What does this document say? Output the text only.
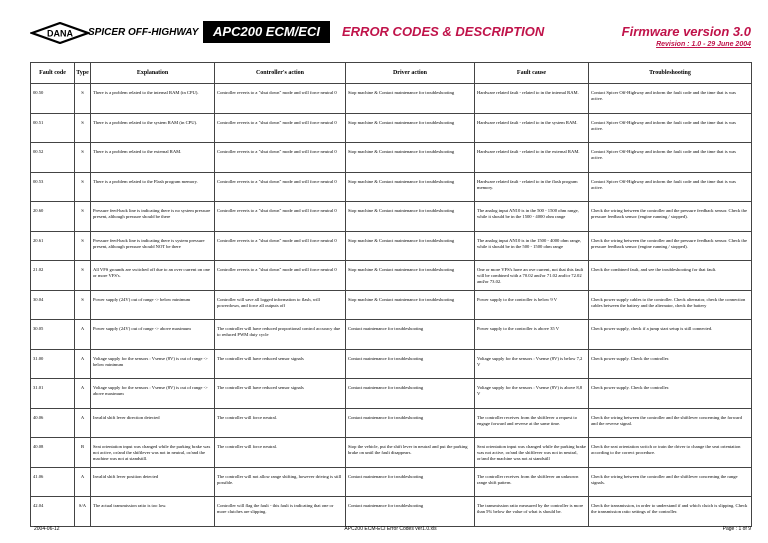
DANA SPICER OFF-HIGHWAY	APC200 ECM/ECI	ERROR CODES & DESCRIPTION	Firmware version 3.0
Revision : 1.0 - 29 June 2004
Fault code	Type	Explanation	Controller's action	Driver action	Fault cause	Troubleshooting
00.50	S	There is a problem related to the internal RAM (in CPU).	Controller reverts to a "shut down" mode and will force neutral 0	Stop machine & Contact maintenance for troubleshooting	Hardware related fault - related to in the internal RAM.	Contact Spicer Off-Highway and inform the fault code and the time that is was active.
00.51	S	There is a problem related to the system RAM (in CPU).	Controller reverts to a "shut down" mode and will force neutral 0	Stop machine & Contact maintenance for troubleshooting	Hardware related fault - related to in the system RAM.	Contact Spicer Off-Highway and inform the fault code and the time that is was active.
00.52	S	There is a problem related to the external RAM.	Controller reverts to a "shut down" mode and will force neutral 0	Stop machine & Contact maintenance for troubleshooting	Hardware related fault - related to in the external RAM.	Contact Spicer Off-Highway and inform the fault code and the time that is was active.
00.53	S	There is a problem related to the Flash program memory.	Controller reverts to a "shut down" mode and will force neutral 0	Stop machine & Contact maintenance for troubleshooting	Hardware related fault - related to in the flash program memory.	Contact Spicer Off-Highway and inform the fault code and the time that is was active.
20.60	S	Pressure feed-back line is indicating there is no system pressure present, although pressure should be there	Controller reverts to a "shut down" mode and will force neutral 0	Stop machine & Contact maintenance for troubleshooting	The analog input AN10 is in the 500 - 1500 ohm range, while it should be in the 1500 - 4000 ohm range	Check the wiring between the controller and the pressure feedback sensor. Check the pressure feedback sensor (engine running / stopped).
20.61	S	Pressure feed-back line is indicating there is system pressure present, although pressure should NOT be there	Controller reverts to a "shut down" mode and will force neutral 0	Stop machine & Contact maintenance for troubleshooting	The analog input AN10 is in the 1500 - 4000 ohm range, while it should be in the 500 - 1500 ohm range	Check the wiring between the controller and the pressure feedback sensor. Check the pressure feedback sensor (engine running / stopped).
21.02	S	All VFS grounds are switched off due to an over current on one or more VFS's.	Controller reverts to a "shut down" mode and will force neutral 0	Stop machine & Contact maintenance for troubleshooting	One or more VFS's have an ove current, not that this fault will be combined with a 70.02 and/or 71.02 and/or 72.02 and/or 73.02.	Check the combined fault, and see the troubleshooting for that fault.
30.04	S	Power supply (24V) out of range -> below minimum	Controller will save all logged information to flash, will powerdown, and force all outputs off	Stop machine & Contact maintenance for troubleshooting	Power supply to the controller is below 9 V	Check power supply cables to the controller. Check alternator, check the connection cables between the battery and the alternator, check the battery
30.05	A	Power supply (24V) out of range -> above maximum	The controller will have reduced proportional control accuracy due to reduced PWM duty cycle	Contact maintenance for troubleshooting	Power supply to the controller is above 35 V	Check power supply, check if a jump start setup is still connected.
31.00	A	Voltage supply for the sensors : Vsense (8V) is out of range -> below minimum	The controller will have reduced sensor signals	Contact maintenance for troubleshooting	Voltage supply for the sensors : Vsense (8V) is below 7,2 V	Check power supply. Check the controller.
31.01	A	Voltage supply for the sensors : Vsense (8V) is out of range -> above maximum	The controller will have reduced sensor signals	Contact maintenance for troubleshooting	Voltage supply for the sensors : Vsense (8V) is above 8,8 V	Check power supply. Check the controller.
40.06	A	Invalid shift lever direction detected	The controller will force neutral.	Contact maintenance for troubleshooting	The controller receives from the shiftlever a request to engage forward and reverse at the same time.	Check the wiring between the controller and the shiftlever concerning the forward and the reverse signal.
40.08	B	Seat orientation input was changed while the parking brake was not active, or/and the shiftlever was not in neutral, or/and the machine was not at standstill.	The controller will force neutral.	Stop the vehicle, put the shift lever in neutral and put the parking brake on until the fault disappears.	Seat orientation input was changed while the parking brake was not active, or/and the shiftlever was not in neutral, or/and the machine was not at standstill	Check the seat orientation switch or train the driver to change the seat orientation according to the correct procedure.
41.06	A	Invalid shift lever position detected	The controller will not allow range shifting, however driving is still possible.	Contact maintenance for troubleshooting	The controller receives from the shiftlever an unknown range shift pattern.	Check the wiring between the controller and the shiftlever concerning the range signals.
42.04	S/A	The actual transmission ratio is too low.	Controller will flag the fault - this fault is indicating that one or more clutches are slipping.	Contact maintenance for troubleshooting	The transmission ratio measured by the controller is more than 5% below the value of what is should be.	Check the transmission, in order to understand if and which clutch is slipping. Check the transmission ratio settings of the controller.
2004-06-12	APC200 ECM-ECI Error Codes ver1.0.xls	Page : 1 of 9
